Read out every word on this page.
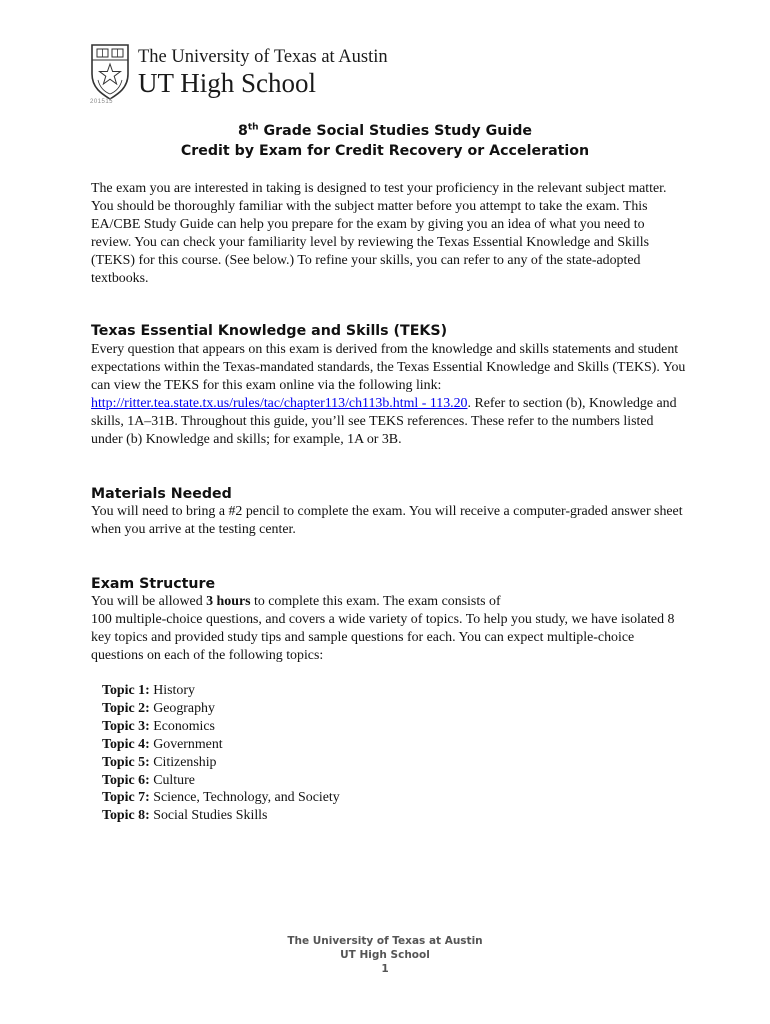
201515
The University of Texas at Austin
UT High School
8th Grade Social Studies Study Guide
Credit by Exam for Credit Recovery or Acceleration

The exam you are interested in taking is designed to test your proficiency in the relevant subject matter. You should be thoroughly familiar with the subject matter before you attempt to take the exam. This EA/CBE Study Guide can help you prepare for the exam by giving you an idea of what you need to review. You can check your familiarity level by reviewing the Texas Essential Knowledge and Skills (TEKS) for this course. (See below.) To refine your skills, you can refer to any of the state-adopted textbooks.

Texas Essential Knowledge and Skills (TEKS)

Every question that appears on this exam is derived from the knowledge and skills statements and student expectations within the Texas-mandated standards, the Texas Essential Knowledge and Skills (TEKS). You can view the TEKS for this exam online via the following link: http://ritter.tea.state.tx.us/rules/tac/chapter113/ch113b.html - 113.20. Refer to section (b), Knowledge and skills, 1A–31B. Throughout this guide, you’ll see TEKS references. These refer to the numbers listed under (b) Knowledge and skills; for example, 1A or 3B.

Materials Needed

You will need to bring a #2 pencil to complete the exam. You will receive a computer-graded answer sheet when you arrive at the testing center.

Exam Structure

You will be allowed 3 hours to complete this exam. The exam consists of
100 multiple-choice questions, and covers a wide variety of topics. To help you study, we have isolated 8 key topics and provided study tips and sample questions for each. You can expect multiple-choice questions on each of the following topics:

Topic 1: History
Topic 2: Geography
Topic 3: Economics
Topic 4: Government
Topic 5: Citizenship
Topic 6: Culture
Topic 7: Science, Technology, and Society
Topic 8: Social Studies Skills
The University of Texas at Austin
UT High School
1
